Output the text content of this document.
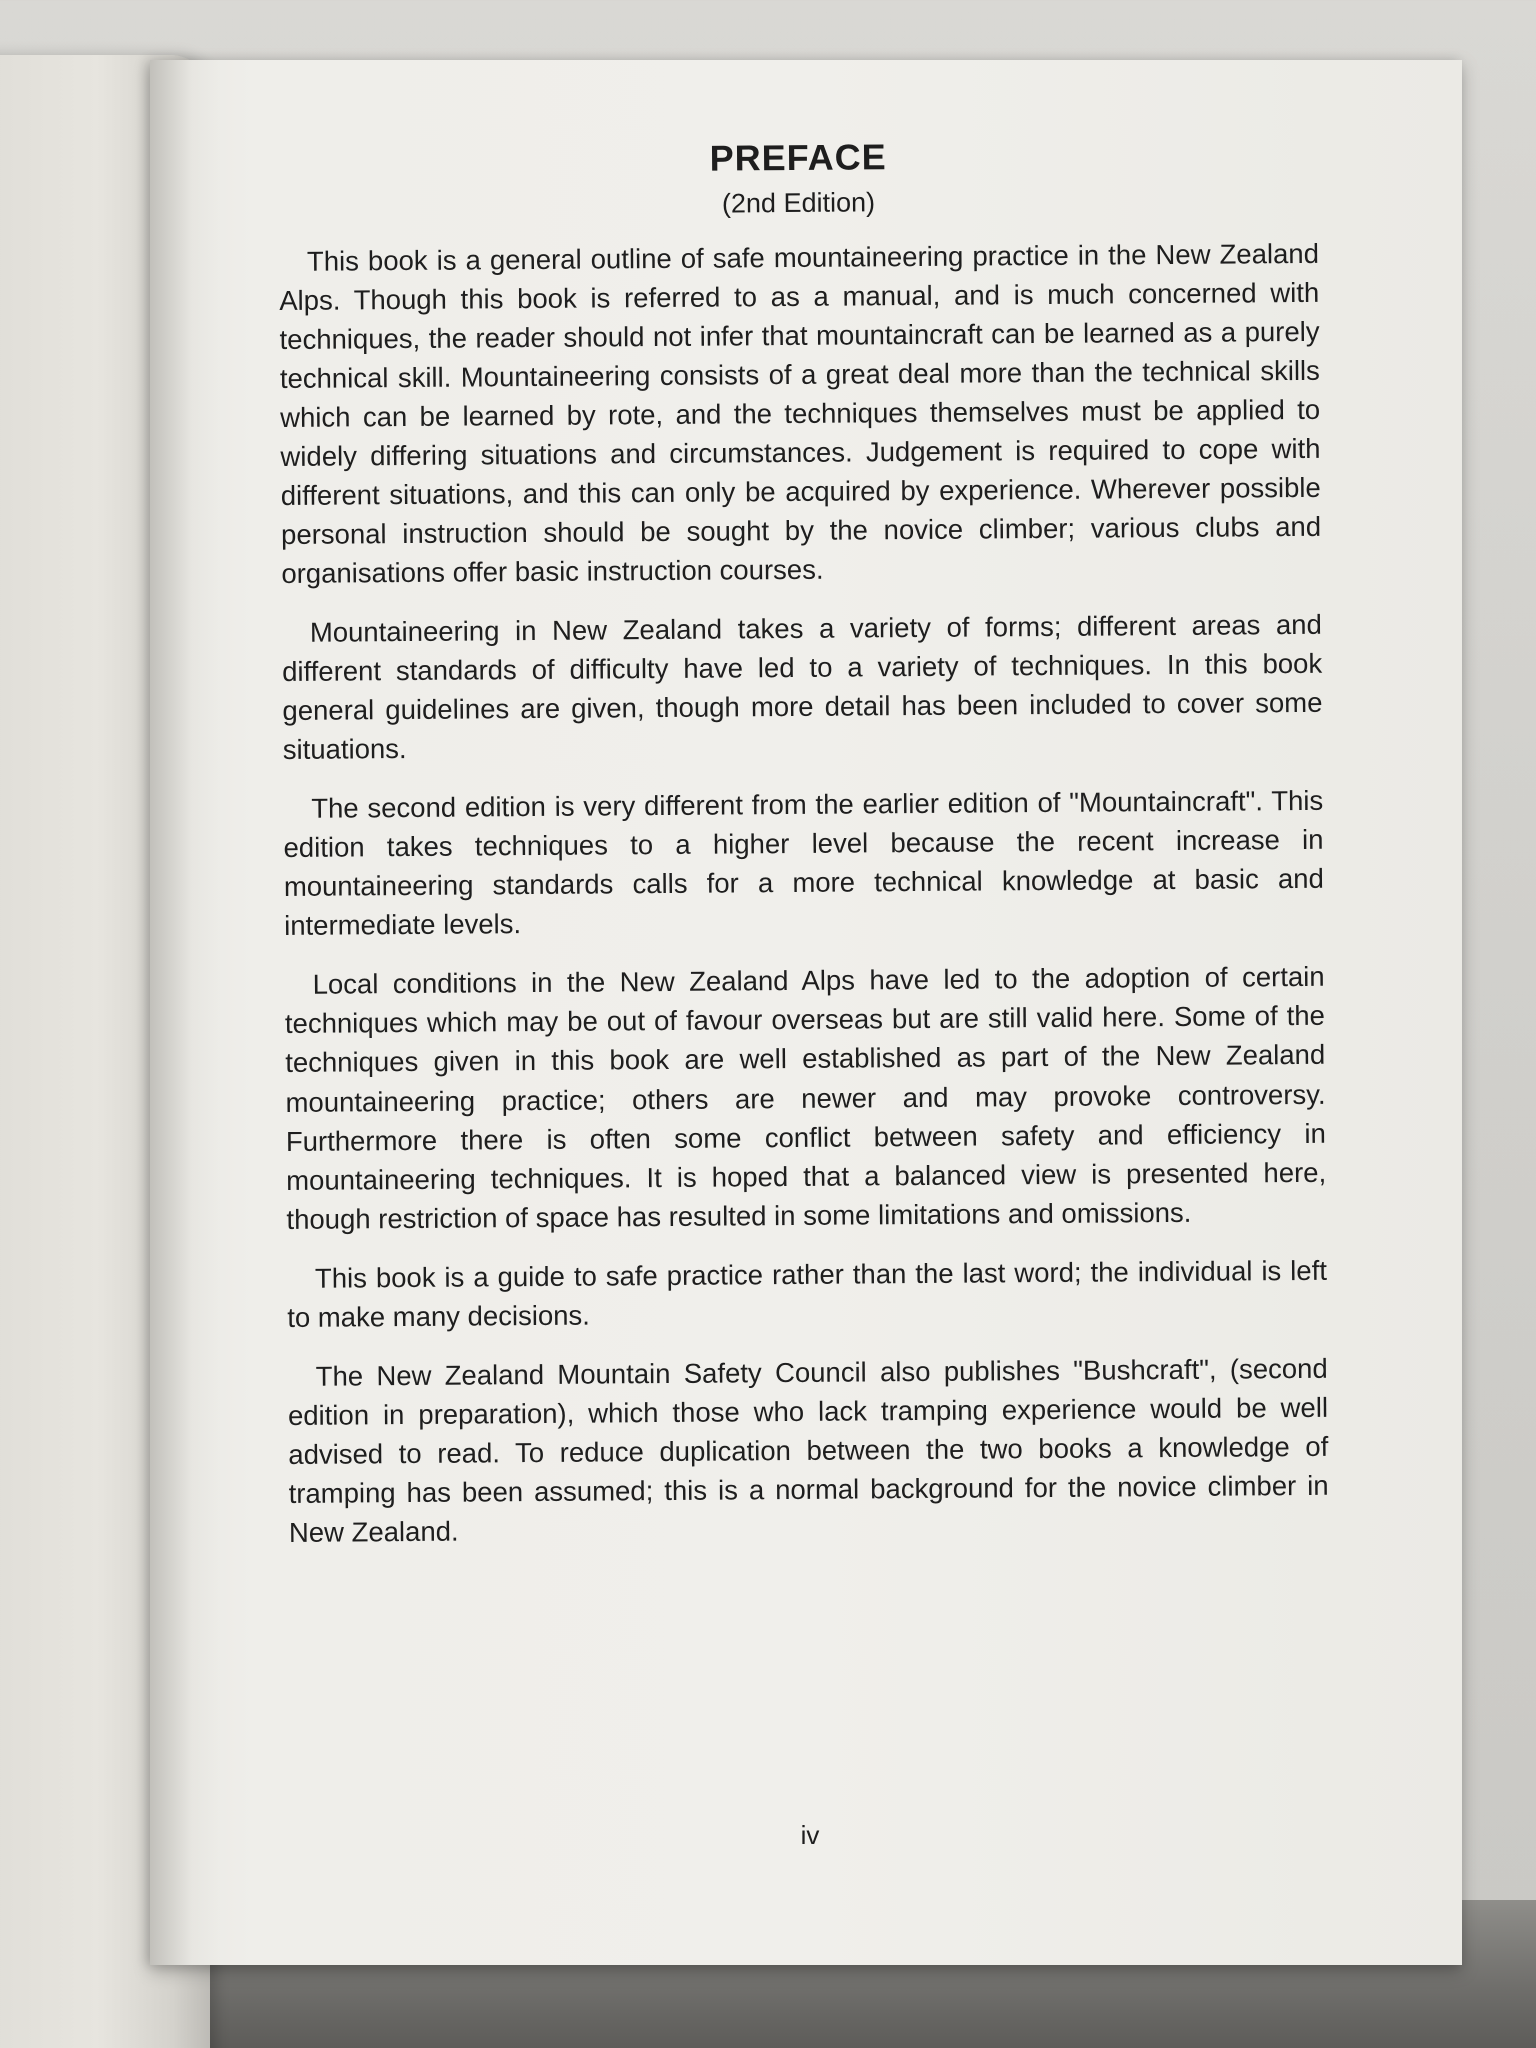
PREFACE
(2nd Edition)

This book is a general outline of safe mountaineering practice in the New Zealand Alps. Though this book is referred to as a manual, and is much concerned with techniques, the reader should not infer that mountaincraft can be learned as a purely technical skill. Mountaineering consists of a great deal more than the technical skills which can be learned by rote, and the techniques themselves must be applied to widely differing situations and circumstances. Judgement is required to cope with different situations, and this can only be acquired by experience. Wherever possible personal instruction should be sought by the novice climber; various clubs and organisations offer basic instruction courses.

Mountaineering in New Zealand takes a variety of forms; different areas and different standards of difficulty have led to a variety of techniques. In this book general guidelines are given, though more detail has been included to cover some situations.

The second edition is very different from the earlier edition of "Mountaincraft". This edition takes techniques to a higher level because the recent increase in mountaineering standards calls for a more technical knowledge at basic and intermediate levels.

Local conditions in the New Zealand Alps have led to the adoption of certain techniques which may be out of favour overseas but are still valid here. Some of the techniques given in this book are well established as part of the New Zealand mountaineering practice; others are newer and may provoke controversy. Furthermore there is often some conflict between safety and efficiency in mountaineering techniques. It is hoped that a balanced view is presented here, though restriction of space has resulted in some limitations and omissions.

This book is a guide to safe practice rather than the last word; the individual is left to make many decisions.

The New Zealand Mountain Safety Council also publishes "Bushcraft", (second edition in preparation), which those who lack tramping experience would be well advised to read. To reduce duplication between the two books a knowledge of tramping has been assumed; this is a normal background for the novice climber in New Zealand.

iv
